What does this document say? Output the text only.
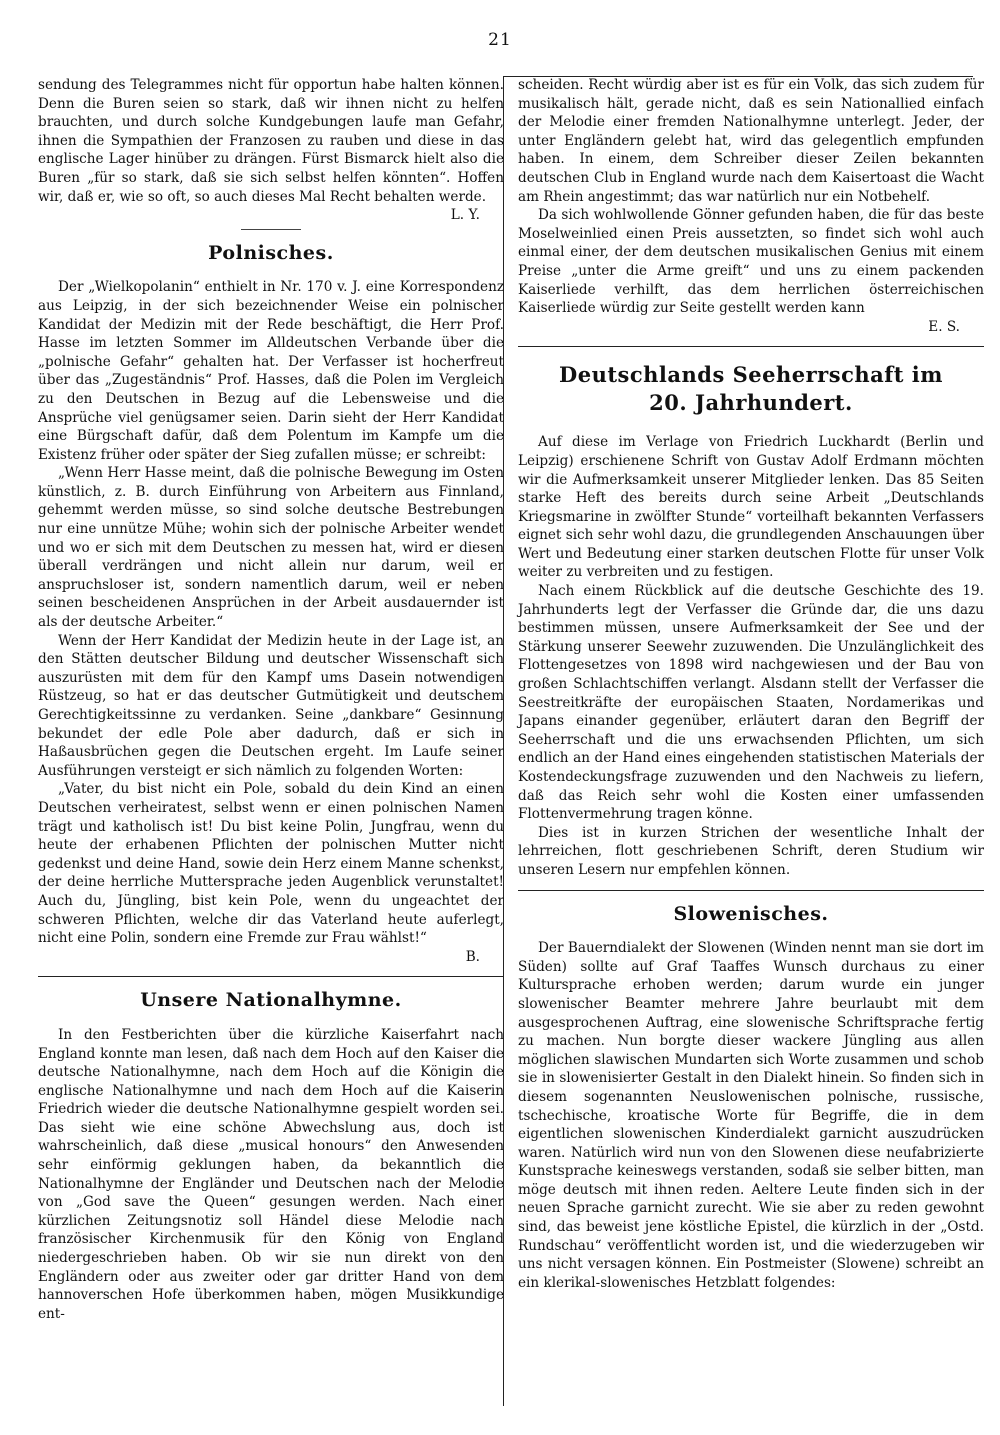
21

sendung des Telegrammes nicht für opportun habe halten können. Denn die Buren seien so stark, daß wir ihnen nicht zu helfen brauchten, und durch solche Kundgebungen laufe man Gefahr, ihnen die Sympathien der Franzosen zu rauben und diese in das englische Lager hinüber zu drängen. Fürst Bismarck hielt also die Buren „für so stark, daß sie sich selbst helfen könnten“. Hoffen wir, daß er, wie so oft, so auch dieses Mal Recht behalten werde.

L. Y.
Polnisches.

Der „Wielkopolanin“ enthielt in Nr. 170 v. J. eine Korrespondenz aus Leipzig, in der sich bezeichnender Weise ein polnischer Kandidat der Medizin mit der Rede beschäftigt, die Herr Prof. Hasse im letzten Sommer im Alldeutschen Verbande über die „polnische Gefahr“ gehalten hat. Der Verfasser ist hocherfreut über das „Zugeständnis“ Prof. Hasses, daß die Polen im Vergleich zu den Deutschen in Bezug auf die Lebensweise und die Ansprüche viel genügsamer seien. Darin sieht der Herr Kandidat eine Bürgschaft dafür, daß dem Polentum im Kampfe um die Existenz früher oder später der Sieg zufallen müsse; er schreibt:

„Wenn Herr Hasse meint, daß die polnische Bewegung im Osten künstlich, z. B. durch Einführung von Arbeitern aus Finnland, gehemmt werden müsse, so sind solche deutsche Bestrebungen nur eine unnütze Mühe; wohin sich der polnische Arbeiter wendet und wo er sich mit dem Deutschen zu messen hat, wird er diesen überall verdrängen und nicht allein nur darum, weil er anspruchsloser ist, sondern namentlich darum, weil er neben seinen bescheidenen Ansprüchen in der Arbeit ausdauernder ist als der deutsche Arbeiter.“

Wenn der Herr Kandidat der Medizin heute in der Lage ist, an den Stätten deutscher Bildung und deutscher Wissenschaft sich auszurüsten mit dem für den Kampf ums Dasein notwendigen Rüstzeug, so hat er das deutscher Gutmütigkeit und deutschem Gerechtigkeitssinne zu verdanken. Seine „dankbare“ Gesinnung bekundet der edle Pole aber dadurch, daß er sich in Haßausbrüchen gegen die Deutschen ergeht. Im Laufe seiner Ausführungen versteigt er sich nämlich zu folgenden Worten:

„Vater, du bist nicht ein Pole, sobald du dein Kind an einen Deutschen verheiratest, selbst wenn er einen polnischen Namen trägt und katholisch ist! Du bist keine Polin, Jungfrau, wenn du heute der erhabenen Pflichten der polnischen Mutter nicht gedenkst und deine Hand, sowie dein Herz einem Manne schenkst, der deine herrliche Muttersprache jeden Augenblick verunstaltet! Auch du, Jüngling, bist kein Pole, wenn du ungeachtet der schweren Pflichten, welche dir das Vaterland heute auferlegt, nicht eine Polin, sondern eine Fremde zur Frau wählst!“

B.
Unsere Nationalhymne.

In den Festberichten über die kürzliche Kaiserfahrt nach England konnte man lesen, daß nach dem Hoch auf den Kaiser die deutsche Nationalhymne, nach dem Hoch auf die Königin die englische Nationalhymne und nach dem Hoch auf die Kaiserin Friedrich wieder die deutsche Nationalhymne gespielt worden sei. Das sieht wie eine schöne Abwechslung aus, doch ist wahrscheinlich, daß diese „musical honours“ den Anwesenden sehr einförmig geklungen haben, da bekanntlich die Nationalhymne der Engländer und Deutschen nach der Melodie von „God save the Queen“ gesungen werden. Nach einer kürzlichen Zeitungsnotiz soll Händel diese Melodie nach französischer Kirchenmusik für den König von England niedergeschrieben haben. Ob wir sie nun direkt von den Engländern oder aus zweiter oder gar dritter Hand von dem hannoverschen Hofe überkommen haben, mögen Musikkundige ent-

scheiden. Recht würdig aber ist es für ein Volk, das sich zudem für musikalisch hält, gerade nicht, daß es sein Nationallied einfach der Melodie einer fremden Nationalhymne unterlegt. Jeder, der unter Engländern gelebt hat, wird das gelegentlich empfunden haben. In einem, dem Schreiber dieser Zeilen bekannten deutschen Club in England wurde nach dem Kaisertoast die Wacht am Rhein angestimmt; das war natürlich nur ein Notbehelf.

Da sich wohlwollende Gönner gefunden haben, die für das beste Moselweinlied einen Preis aussetzten, so findet sich wohl auch einmal einer, der dem deutschen musikalischen Genius mit einem Preise „unter die Arme greift“ und uns zu einem packenden Kaiserliede verhilft, das dem herrlichen österreichischen Kaiserliede würdig zur Seite gestellt werden kann

E. S.
Deutschlands Seeherrschaft im
20. Jahrhundert.

Auf diese im Verlage von Friedrich Luckhardt (Berlin und Leipzig) erschienene Schrift von Gustav Adolf Erdmann möchten wir die Aufmerksamkeit unserer Mitglieder lenken. Das 85 Seiten starke Heft des bereits durch seine Arbeit „Deutschlands Kriegsmarine in zwölfter Stunde“ vorteilhaft bekannten Verfassers eignet sich sehr wohl dazu, die grundlegenden Anschauungen über Wert und Bedeutung einer starken deutschen Flotte für unser Volk weiter zu verbreiten und zu festigen.

Nach einem Rückblick auf die deutsche Geschichte des 19. Jahrhunderts legt der Verfasser die Gründe dar, die uns dazu bestimmen müssen, unsere Aufmerksamkeit der See und der Stärkung unserer Seewehr zuzuwenden. Die Unzulänglichkeit des Flottengesetzes von 1898 wird nachgewiesen und der Bau von großen Schlachtschiffen verlangt. Alsdann stellt der Verfasser die Seestreitkräfte der europäischen Staaten, Nordamerikas und Japans einander gegenüber, erläutert daran den Begriff der Seeherrschaft und die uns erwachsenden Pflichten, um sich endlich an der Hand eines eingehenden statistischen Materials der Kostendeckungsfrage zuzuwenden und den Nachweis zu liefern, daß das Reich sehr wohl die Kosten einer umfassenden Flottenvermehrung tragen könne.

Dies ist in kurzen Strichen der wesentliche Inhalt der lehrreichen, flott geschriebenen Schrift, deren Studium wir unseren Lesern nur empfehlen können.

Slowenisches.

Der Bauerndialekt der Slowenen (Winden nennt man sie dort im Süden) sollte auf Graf Taaffes Wunsch durchaus zu einer Kultursprache erhoben werden; darum wurde ein junger slowenischer Beamter mehrere Jahre beurlaubt mit dem ausgesprochenen Auftrag, eine slowenische Schriftsprache fertig zu machen. Nun borgte dieser wackere Jüngling aus allen möglichen slawischen Mundarten sich Worte zusammen und schob sie in slowenisierter Gestalt in den Dialekt hinein. So finden sich in diesem sogenannten Neuslowenischen polnische, russische, tschechische, kroatische Worte für Begriffe, die in dem eigentlichen slowenischen Kinderdialekt garnicht auszudrücken waren. Natürlich wird nun von den Slowenen diese neufabrizierte Kunstsprache keineswegs verstanden, sodaß sie selber bitten, man möge deutsch mit ihnen reden. Aeltere Leute finden sich in der neuen Sprache garnicht zurecht. Wie sie aber zu reden gewohnt sind, das beweist jene köstliche Epistel, die kürzlich in der „Ostd. Rundschau“ veröffentlicht worden ist, und die wiederzugeben wir uns nicht versagen können. Ein Postmeister (Slowene) schreibt an ein klerikal-slowenisches Hetzblatt folgendes:
